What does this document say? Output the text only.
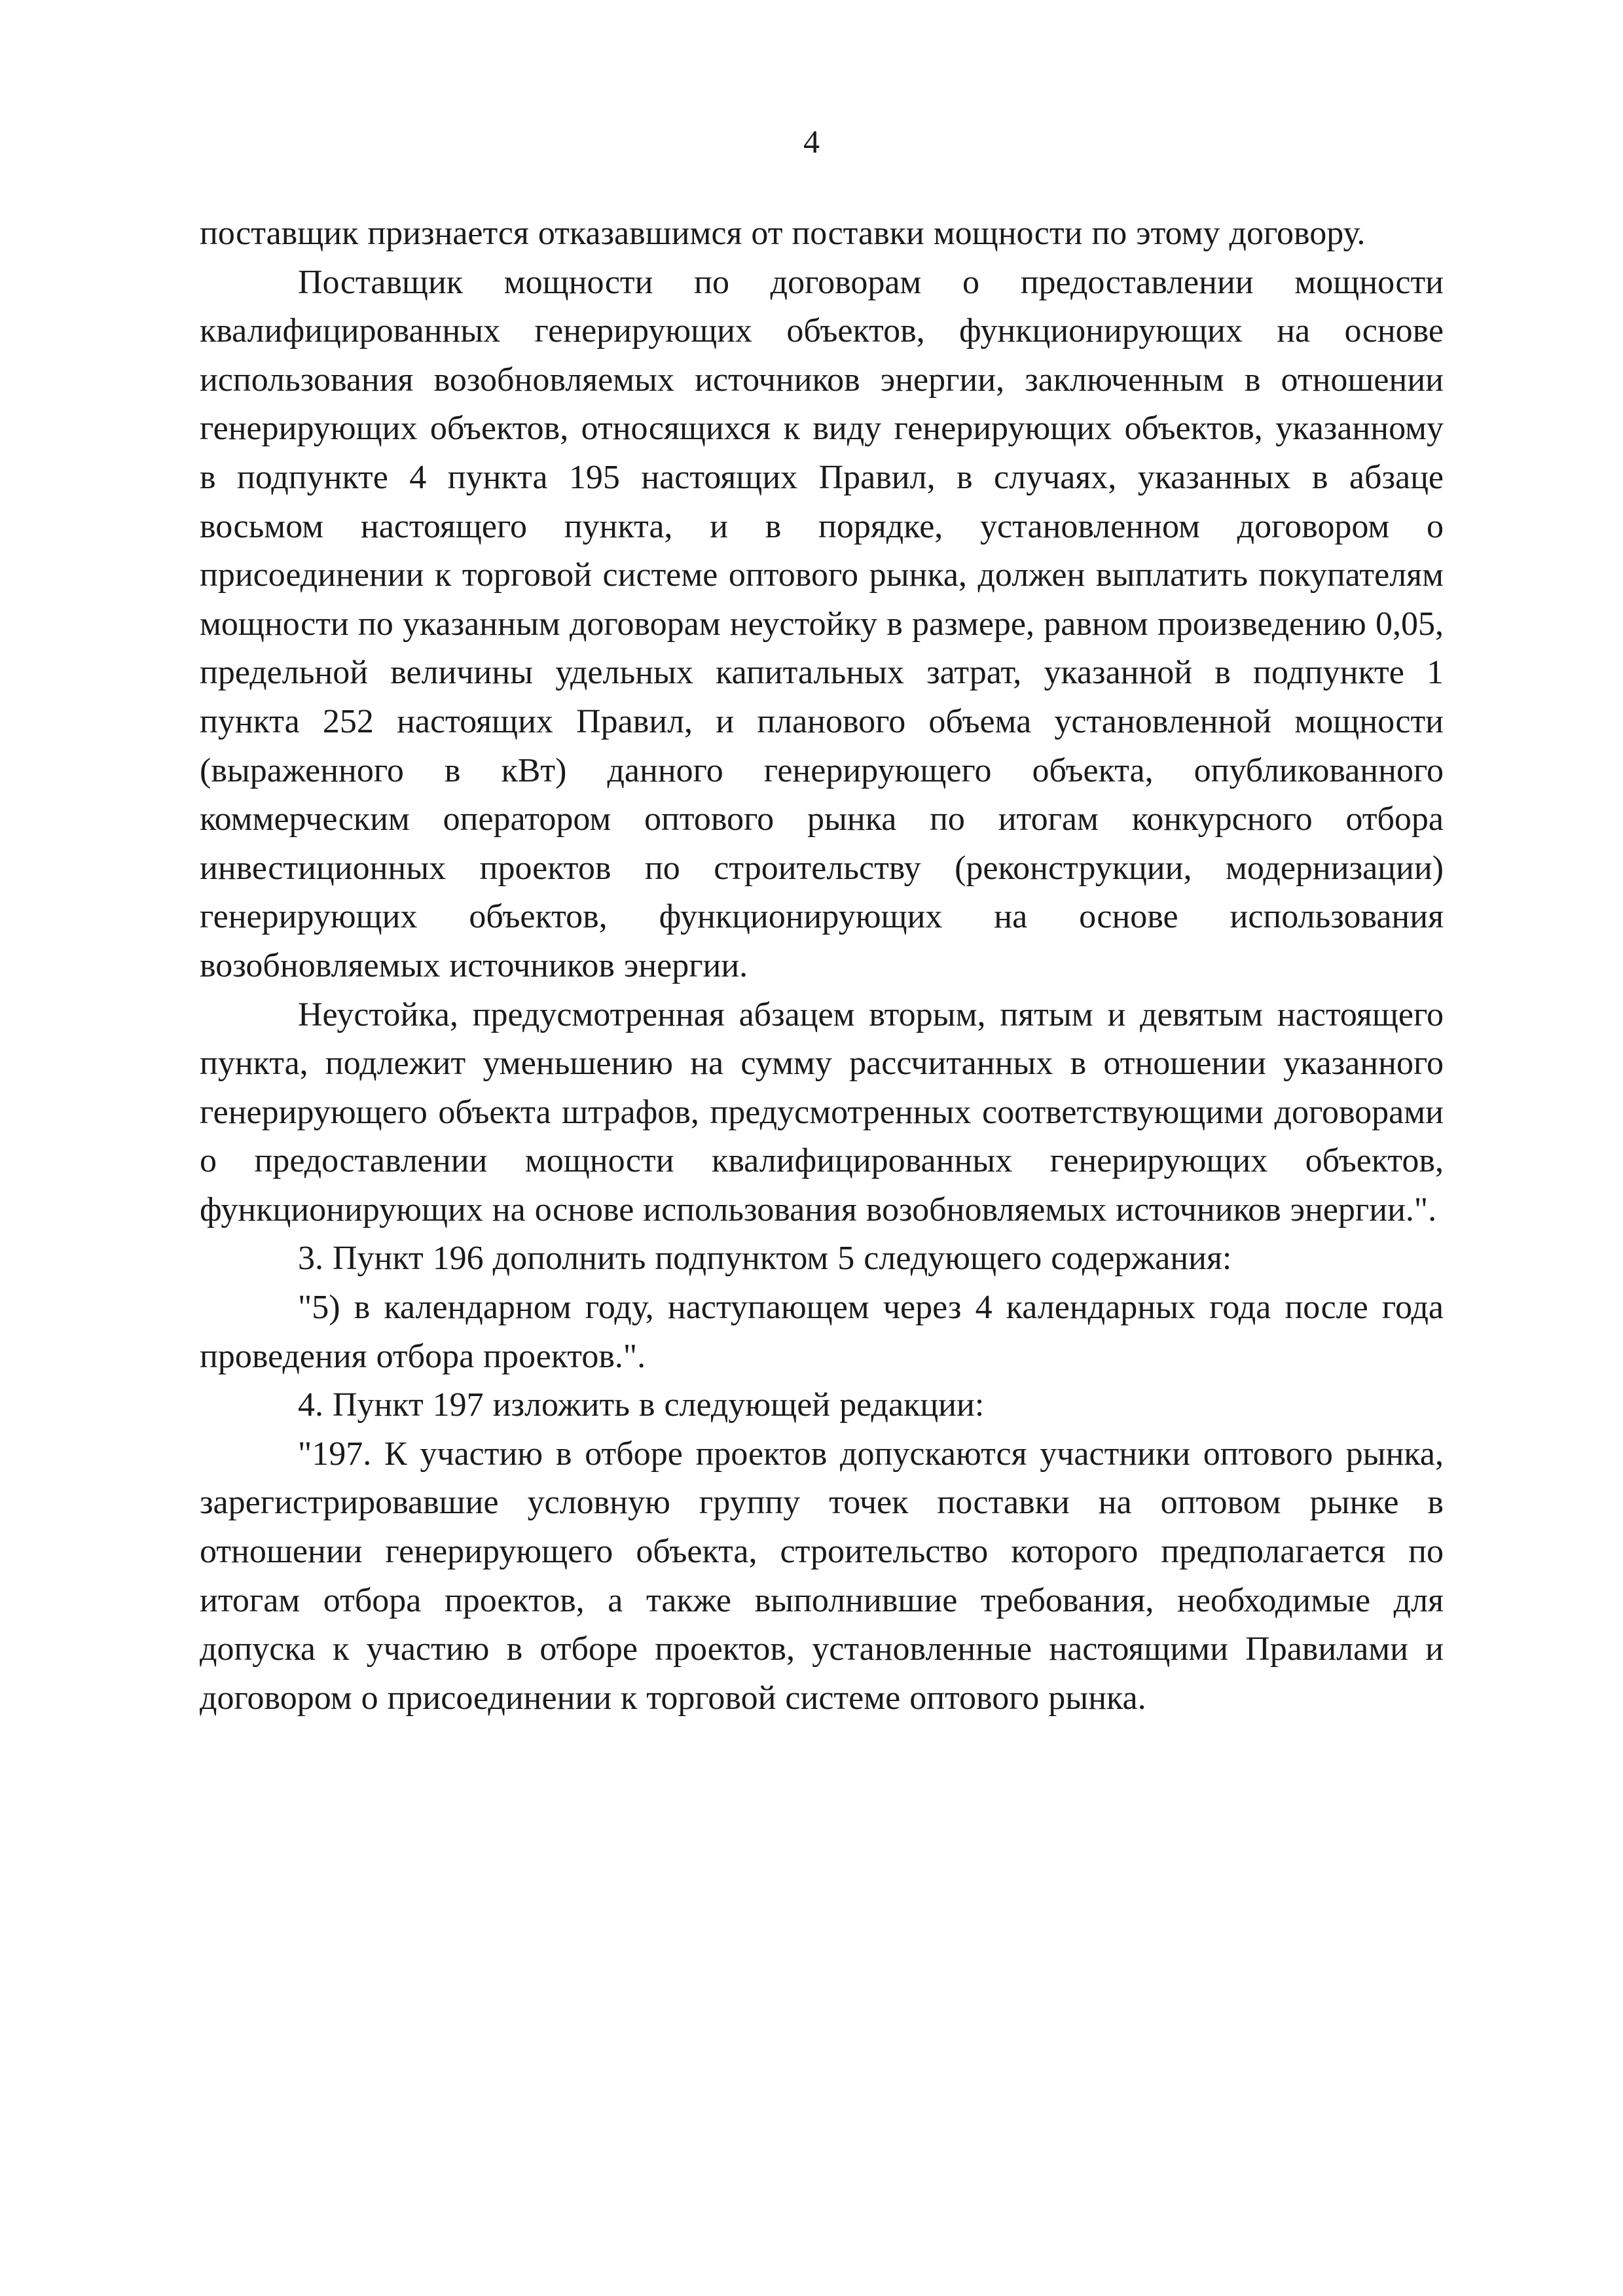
4

поставщик признается отказавшимся от поставки мощности по этому договору.

Поставщик мощности по договорам о предоставлении мощности квалифицированных генерирующих объектов, функционирующих на основе использования возобновляемых источников энергии, заключенным в отношении генерирующих объектов, относящихся к виду генерирующих объектов, указанному в подпункте 4 пункта 195 настоящих Правил, в случаях, указанных в абзаце восьмом настоящего пункта, и в порядке, установленном договором о присоединении к торговой системе оптового рынка, должен выплатить покупателям мощности по указанным договорам неустойку в размере, равном произведению 0,05, предельной величины удельных капитальных затрат, указанной в подпункте 1 пункта 252 настоящих Правил, и планового объема установленной мощности (выраженного в кВт) данного генерирующего объекта, опубликованного коммерческим оператором оптового рынка по итогам конкурсного отбора инвестиционных проектов по строительству (реконструкции, модернизации) генерирующих объектов, функционирующих на основе использования возобновляемых источников энергии.

Неустойка, предусмотренная абзацем вторым, пятым и девятым настоящего пункта, подлежит уменьшению на сумму рассчитанных в отношении указанного генерирующего объекта штрафов, предусмотренных соответствующими договорами о предоставлении мощности квалифицированных генерирующих объектов, функционирующих на основе использования возобновляемых источников энергии.".

3. Пункт 196 дополнить подпунктом 5 следующего содержания:

"5) в календарном году, наступающем через 4 календарных года после года проведения отбора проектов.".

4. Пункт 197 изложить в следующей редакции:

"197. К участию в отборе проектов допускаются участники оптового рынка, зарегистрировавшие условную группу точек поставки на оптовом рынке в отношении генерирующего объекта, строительство которого предполагается по итогам отбора проектов, а также выполнившие требования, необходимые для допуска к участию в отборе проектов, установленные настоящими Правилами и договором о присоединении к торговой системе оптового рынка.
